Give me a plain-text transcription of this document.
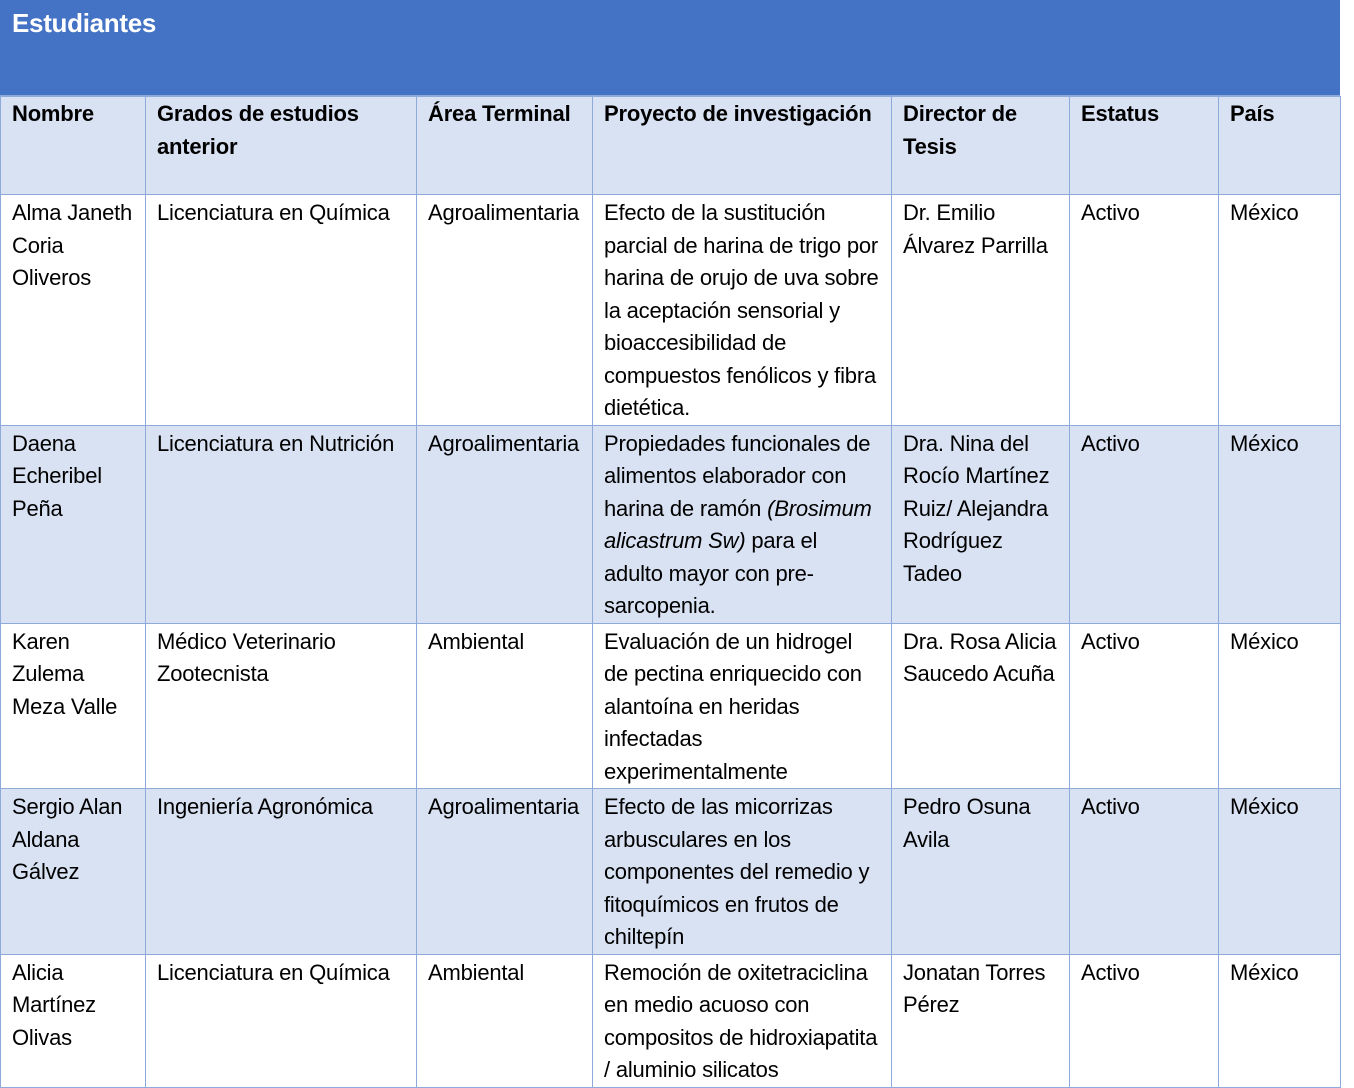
Estudiantes
Nombre	Grados de estudios anterior	Área Terminal	Proyecto de investigación	Director de Tesis	Estatus	País
Alma Janeth Coria Oliveros	Licenciatura en Química	Agroalimentaria	Efecto de la sustitución parcial de harina de trigo por harina de orujo de uva sobre la aceptación sensorial y bioaccesibilidad de compuestos fenólicos y fibra dietética.	Dr. Emilio Álvarez Parrilla	Activo	México
Daena Echeribel Peña	Licenciatura en Nutrición	Agroalimentaria	Propiedades funcionales de alimentos elaborador con harina de ramón (Brosimum alicastrum Sw) para el adulto mayor con pre-sarcopenia.	Dra. Nina del Rocío Martínez Ruiz/ Alejandra Rodríguez Tadeo	Activo	México
Karen Zulema Meza Valle	Médico Veterinario Zootecnista	Ambiental	Evaluación de un hidrogel de pectina enriquecido con alantoína en heridas infectadas experimentalmente	Dra. Rosa Alicia Saucedo Acuña	Activo	México
Sergio Alan Aldana Gálvez	Ingeniería Agronómica	Agroalimentaria	Efecto de las micorrizas arbusculares en los componentes del remedio y fitoquímicos en frutos de chiltepín	Pedro Osuna Avila	Activo	México
Alicia Martínez Olivas	Licenciatura en Química	Ambiental	Remoción de oxitetraciclina en medio acuoso con compositos de hidroxiapatita / aluminio silicatos	Jonatan Torres Pérez	Activo	México
